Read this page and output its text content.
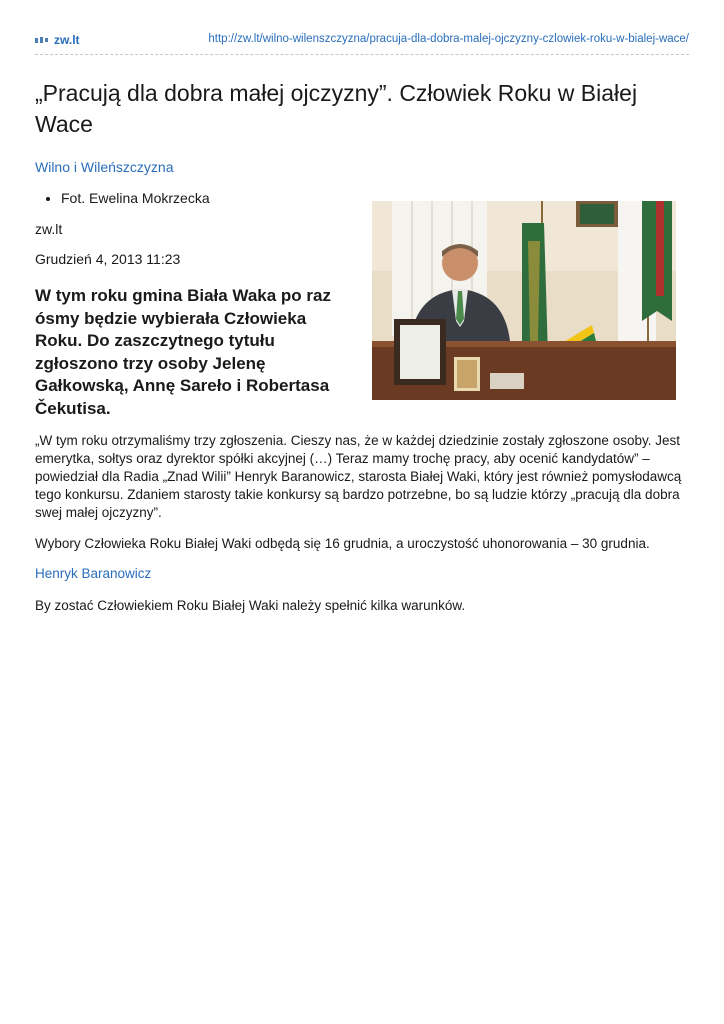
zw.lt	http://zw.lt/wilno-wilenszczyzna/pracuja-dla-dobra-malej-ojczyzny-czlowiek-roku-w-bialej-wace/
„Pracują dla dobra małej ojczyzny”. Człowiek Roku w Białej Wace
Wilno i Wileńszczyzna
• Fot. Ewelina Mokrzecka
zw.lt
Grudzień 4, 2013 11:23

W tym roku gmina Biała Waka po raz ósmy będzie wybierała Człowieka Roku. Do zaszczytnego tytułu zgłoszono trzy osoby Jelenę Gałkowską, Annę Sarełо i Robertasa Čekutisa.

„W tym roku otrzymaliśmy trzy zgłoszenia. Cieszy nas, że w każdej dziedzinie zostały zgłoszone osoby. Jest emerytka, sołtys oraz dyrektor spółki akcyjnej (…) Teraz mamy trochę pracy, aby ocenić kandydatów” – powiedział dla Radia „Znad Wilii” Henryk Baranowicz, starosta Białej Waki, który jest również pomysłodawcą tego konkursu. Zdaniem starosty takie konkursy są bardzo potrzebne, bo są ludzie którzy „pracują dla dobra swej małej ojczyzny”.

Wybory Człowieka Roku Białej Waki odbędą się 16 grudnia, a uroczystość uhonorowania – 30 grudnia.

Henryk Baranowicz

By zostać Człowiekiem Roku Białej Waki należy spełnić kilka warunków.
